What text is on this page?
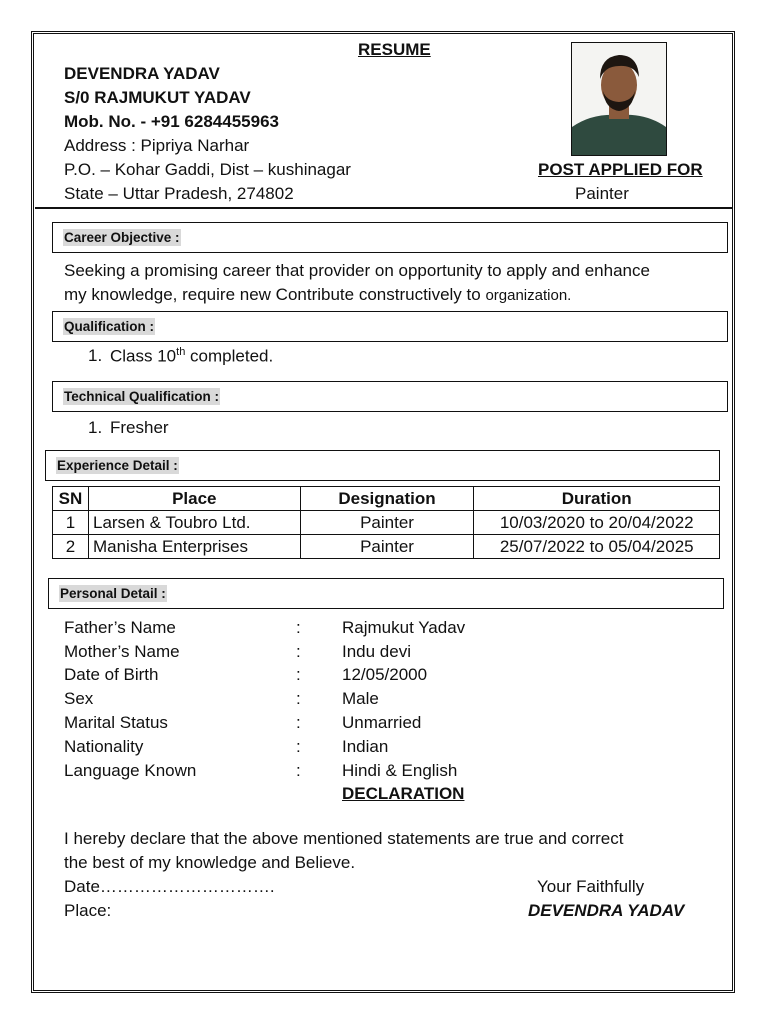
RESUME
DEVENDRA YADAV
S/0 RAJMUKUT YADAV
Mob. No. - +91 6284455963
Address : Pipriya Narhar
P.O. – Kohar Gaddi, Dist – kushinagar
State – Uttar Pradesh, 274802
POST APPLIED FOR
Painter
Career Objective :
Seeking a promising career that provider on opportunity to apply and enhance
my knowledge, require new Contribute constructively to organization.
Qualification :
1. Class 10th completed.
Technical Qualification :
1. Fresher
Experience Detail :
SN	Place	Designation	Duration
1	Larsen & Toubro Ltd.	Painter	10/03/2020 to 20/04/2022
2	Manisha Enterprises	Painter	25/07/2022 to 05/04/2025
Personal Detail :
Father’s Name	: Rajmukut Yadav
Mother’s Name	: Indu devi
Date of Birth	: 12/05/2000
Sex	: Male
Marital Status	: Unmarried
Nationality	: Indian
Language Known	: Hindi & English
DECLARATION
I hereby declare that the above mentioned statements are true and correct
the best of my knowledge and Believe.
Date………………………….
Place:
Your Faithfully
DEVENDRA YADAV
